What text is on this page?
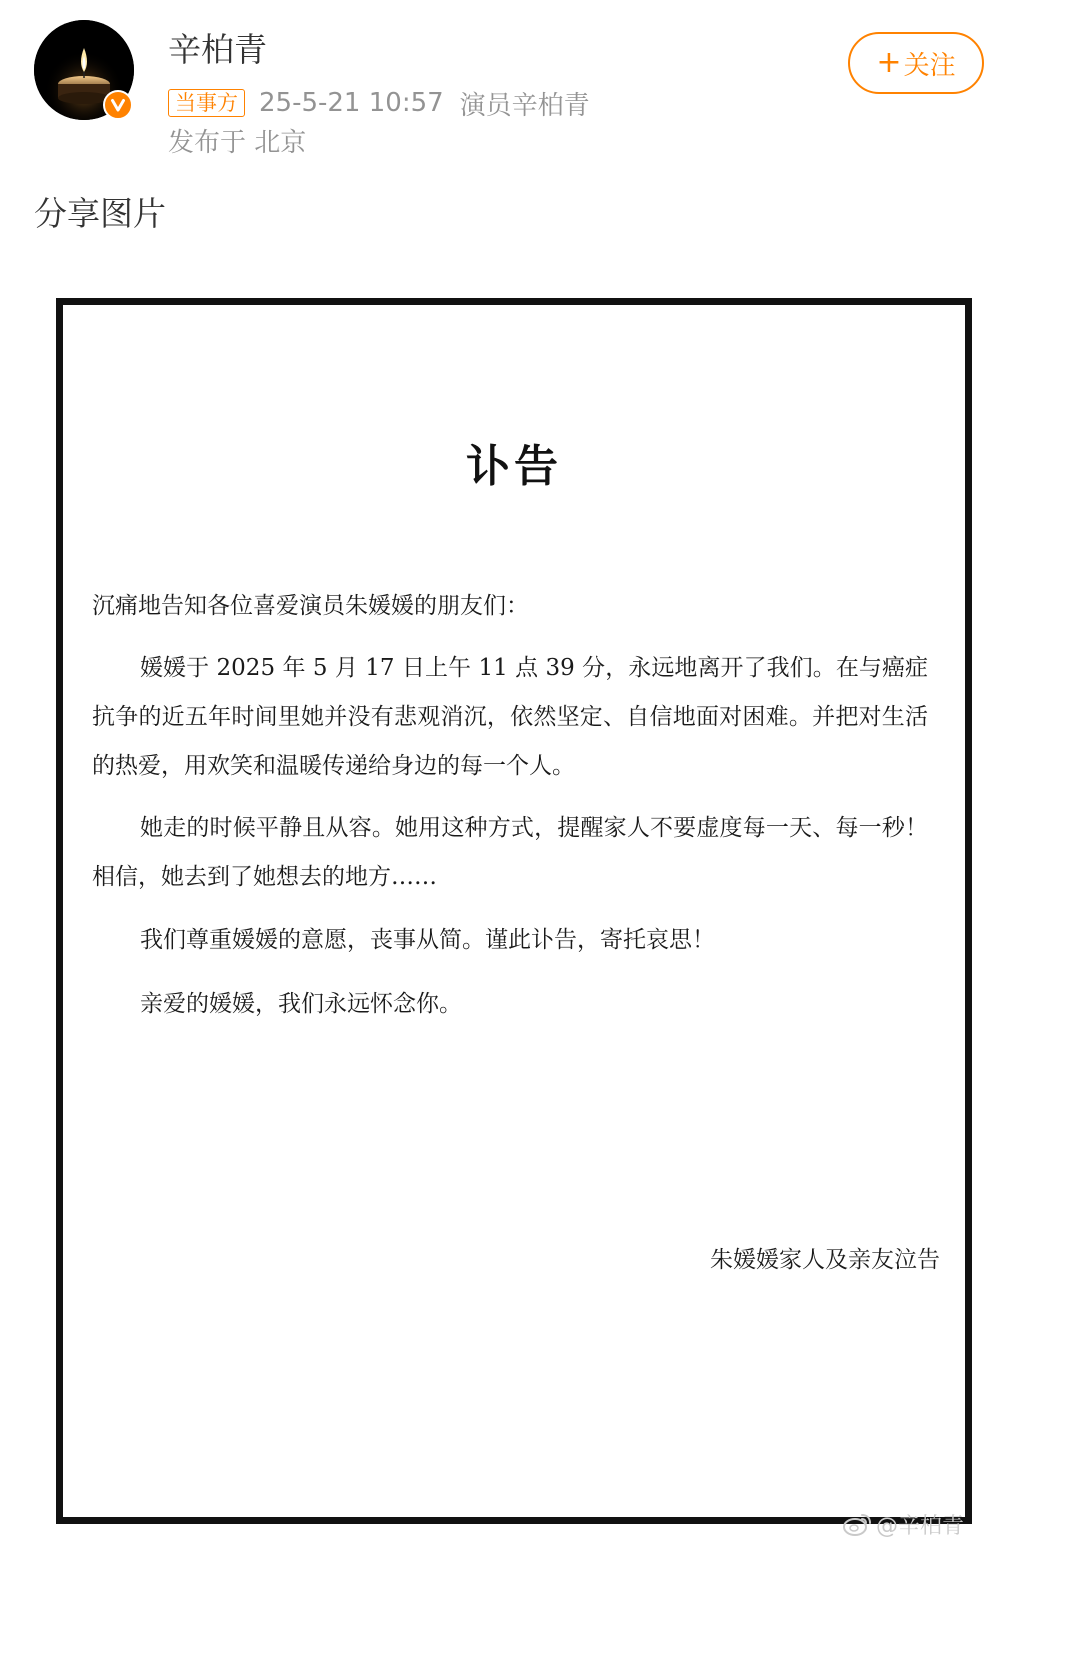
辛柏青
当事方 25-5-21 10:57 演员辛柏青
发布于 北京
+ 关注
分享图片
讣告
沉痛地告知各位喜爱演员朱媛媛的朋友们：
媛媛于 2025 年 5 月 17 日上午 11 点 39 分，永远地离开了我们。在与癌症抗争的近五年时间里她并没有悲观消沉，依然坚定、自信地面对困难。并把对生活的热爱，用欢笑和温暖传递给身边的每一个人。
她走的时候平静且从容。她用这种方式，提醒家人不要虚度每一天、每一秒！相信，她去到了她想去的地方……
我们尊重媛媛的意愿，丧事从简。谨此讣告，寄托哀思！
亲爱的媛媛，我们永远怀念你。
朱媛媛家人及亲友泣告
@辛柏青
